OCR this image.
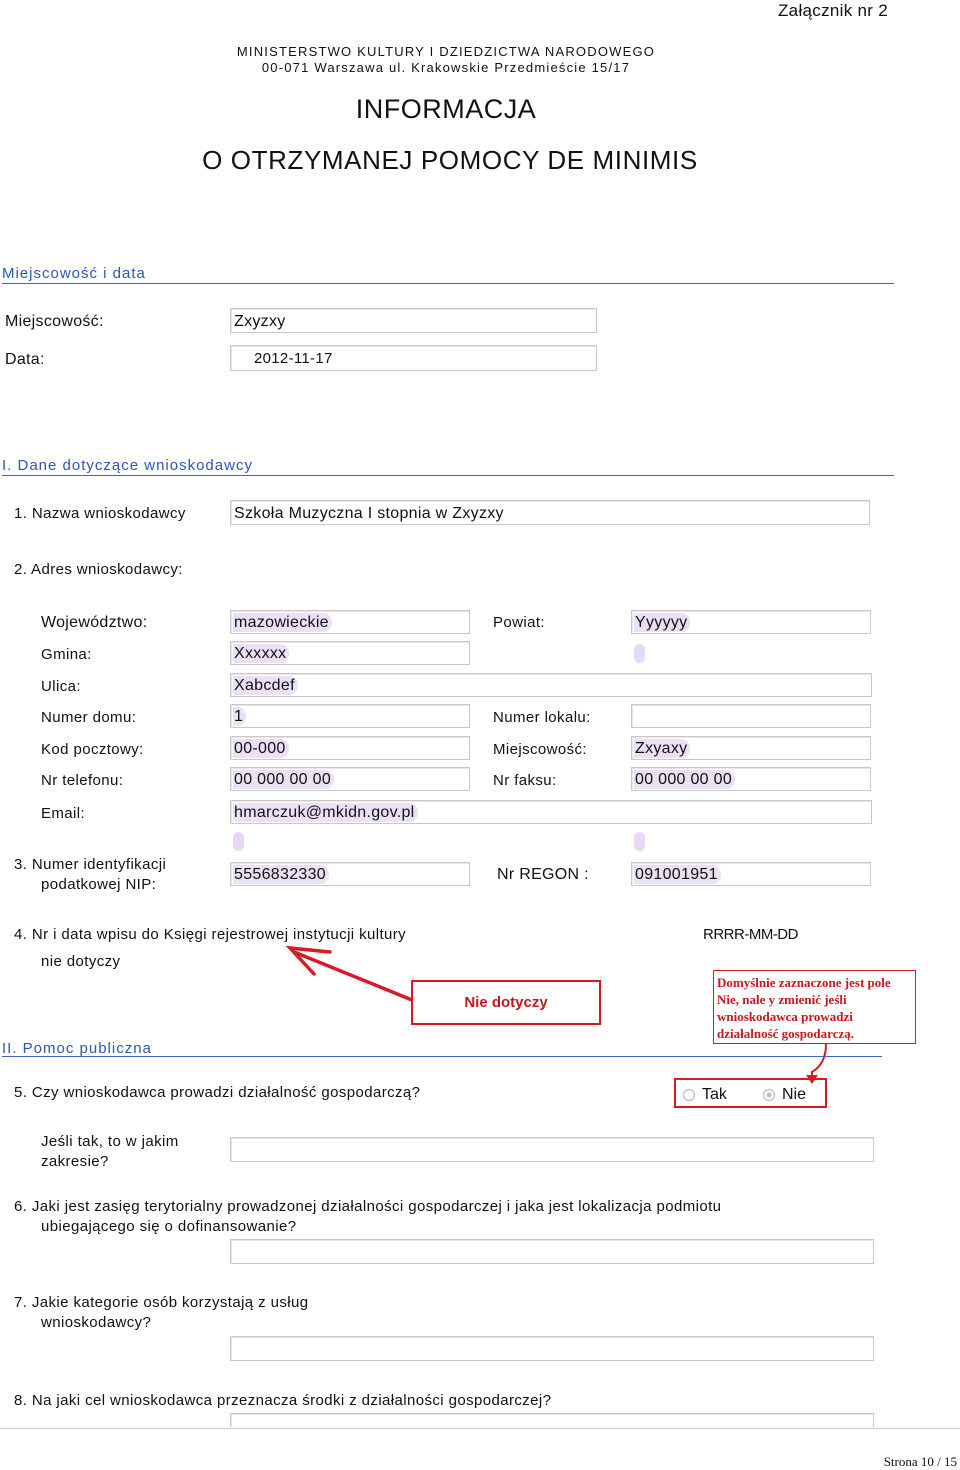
Załącznik nr 2
MINISTERSTWO KULTURY I DZIEDZICTWA NARODOWEGO
00-071 Warszawa ul. Krakowskie Przedmieście 15/17
INFORMACJA
O OTRZYMANEJ POMOCY DE MINIMIS
Miejscowość i data
Miejscowość:	Zxyzxy
Data:	2012-11-17
I. Dane dotyczące wnioskodawcy
1. Nazwa wnioskodawcy	Szkoła Muzyczna I stopnia w Zxyzxy
2. Adres wnioskodawcy:
Województwo:	mazowieckie	Powiat:	Yyyyyy
Gmina:	Xxxxxx
Ulica:	Xabcdef
Numer domu:	1	Numer lokalu:
Kod pocztowy:	00-000	Miejscowość:	Zxyaxy
Nr telefonu:	00 000 00 00	Nr faksu:	00 000 00 00
Email:	hmarczuk@mkidn.gov.pl
3. Numer identyfikacji
podatkowej NIP:
5556832330	Nr REGON :	091001951
4. Nr i data wpisu do Księgi rejestrowej instytucji kultury	RRRR-MM-DD
nie dotyczy
Nie dotyczy
Domyślnie zaznaczone jest pole Nie, nale y zmienić jeśli wnioskodawca prowadzi działalność gospodarczą.
II. Pomoc publiczna
5. Czy wnioskodawca prowadzi działalność gospodarczą?	Tak	Nie
Jeśli tak, to w jakim
zakresie?
6. Jaki jest zasięg terytorialny prowadzonej działalności gospodarczej i jaka jest lokalizacja podmiotu
ubiegającego się o dofinansowanie?
7. Jakie kategorie osób korzystają z usług
wnioskodawcy?
8. Na jaki cel wnioskodawca przeznacza środki z działalności gospodarczej?
Strona 10 / 15
